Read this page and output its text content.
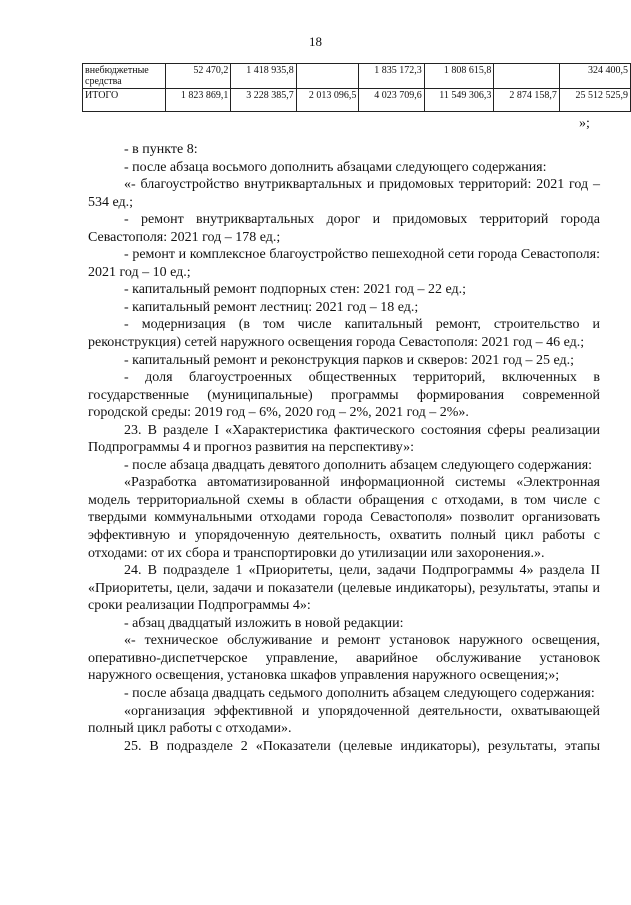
18
внебюджетные средства	52 470,2	1 418 935,8		1 835 172,3	1 808 615,8		324 400,5
ИТОГО	1 823 869,1	3 228 385,7	2 013 096,5	4 023 709,6	11 549 306,3	2 874 158,7	25 512 525,9
»;

- в пункте 8:

- после абзаца восьмого дополнить абзацами следующего содержания:

«- благоустройство внутриквартальных и придомовых территорий: 2021 год – 534 ед.;

- ремонт внутриквартальных дорог и придомовых территорий города Севастополя: 2021 год – 178 ед.;

- ремонт и комплексное благоустройство пешеходной сети города Севастополя: 2021 год – 10 ед.;

- капитальный ремонт подпорных стен: 2021 год – 22 ед.;

- капитальный ремонт лестниц: 2021 год – 18 ед.;

- модернизация (в том числе капитальный ремонт, строительство и реконструкция) сетей наружного освещения города Севастополя: 2021 год – 46 ед.;

- капитальный ремонт и реконструкция парков и скверов: 2021 год – 25 ед.;

- доля благоустроенных общественных территорий, включенных в государственные (муниципальные) программы формирования современной городской среды: 2019 год – 6%, 2020 год – 2%, 2021 год – 2%».

23. В разделе I «Характеристика фактического состояния сферы реализации Подпрограммы 4 и прогноз развития на перспективу»:

- после абзаца двадцать девятого дополнить абзацем следующего содержания:

«Разработка автоматизированной информационной системы «Электронная модель территориальной схемы в области обращения с отходами, в том числе с твердыми коммунальными отходами города Севастополя» позволит организовать эффективную и упорядоченную деятельность, охватить полный цикл работы с отходами: от их сбора и транспортировки до утилизации или захоронения.».

24. В подразделе 1 «Приоритеты, цели, задачи Подпрограммы 4» раздела II «Приоритеты, цели, задачи и показатели (целевые индикаторы), результаты, этапы и сроки реализации Подпрограммы 4»:

- абзац двадцатый изложить в новой редакции:

«- техническое обслуживание и ремонт установок наружного освещения, оперативно-диспетчерское управление, аварийное обслуживание установок наружного освещения, установка шкафов управления наружного освещения;»;

- после абзаца двадцать седьмого дополнить абзацем следующего содержания:

«организация эффективной и упорядоченной деятельности, охватывающей полный цикл работы с отходами».

25. В подразделе 2 «Показатели (целевые индикаторы), результаты, этапы
